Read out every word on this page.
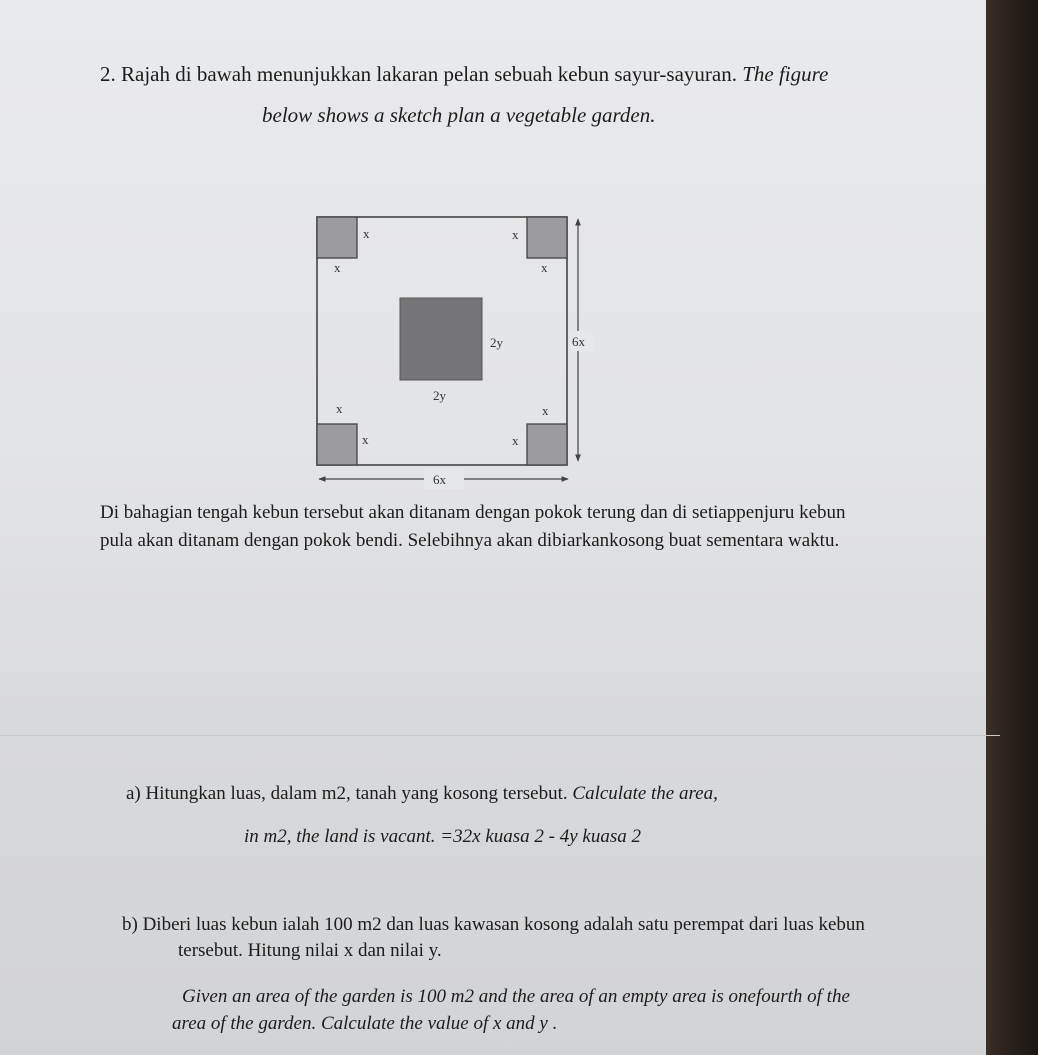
2. Rajah di bawah menunjukkan lakaran pelan sebuah kebun sayur-sayuran. The figure

below shows a sketch plan a vegetable garden.

x
x
x
x
x
x
x
x
2y
2y
6x
6x

Di bahagian tengah kebun tersebut akan ditanam dengan pokok terung dan di setiappenjuru kebun

pula akan ditanam dengan pokok bendi. Selebihnya akan dibiarkankosong buat sementara waktu.

a) Hitungkan luas, dalam m2, tanah yang kosong tersebut. Calculate the area,

in m2, the land is vacant. =32x kuasa 2 - 4y kuasa 2

b) Diberi luas kebun ialah 100 m2 dan luas kawasan kosong adalah satu perempat dari luas kebun

tersebut. Hitung nilai x dan nilai y.

Given an area of the garden is 100 m2 and the area of an empty area is onefourth of the

area of the garden. Calculate the value of x and y .
